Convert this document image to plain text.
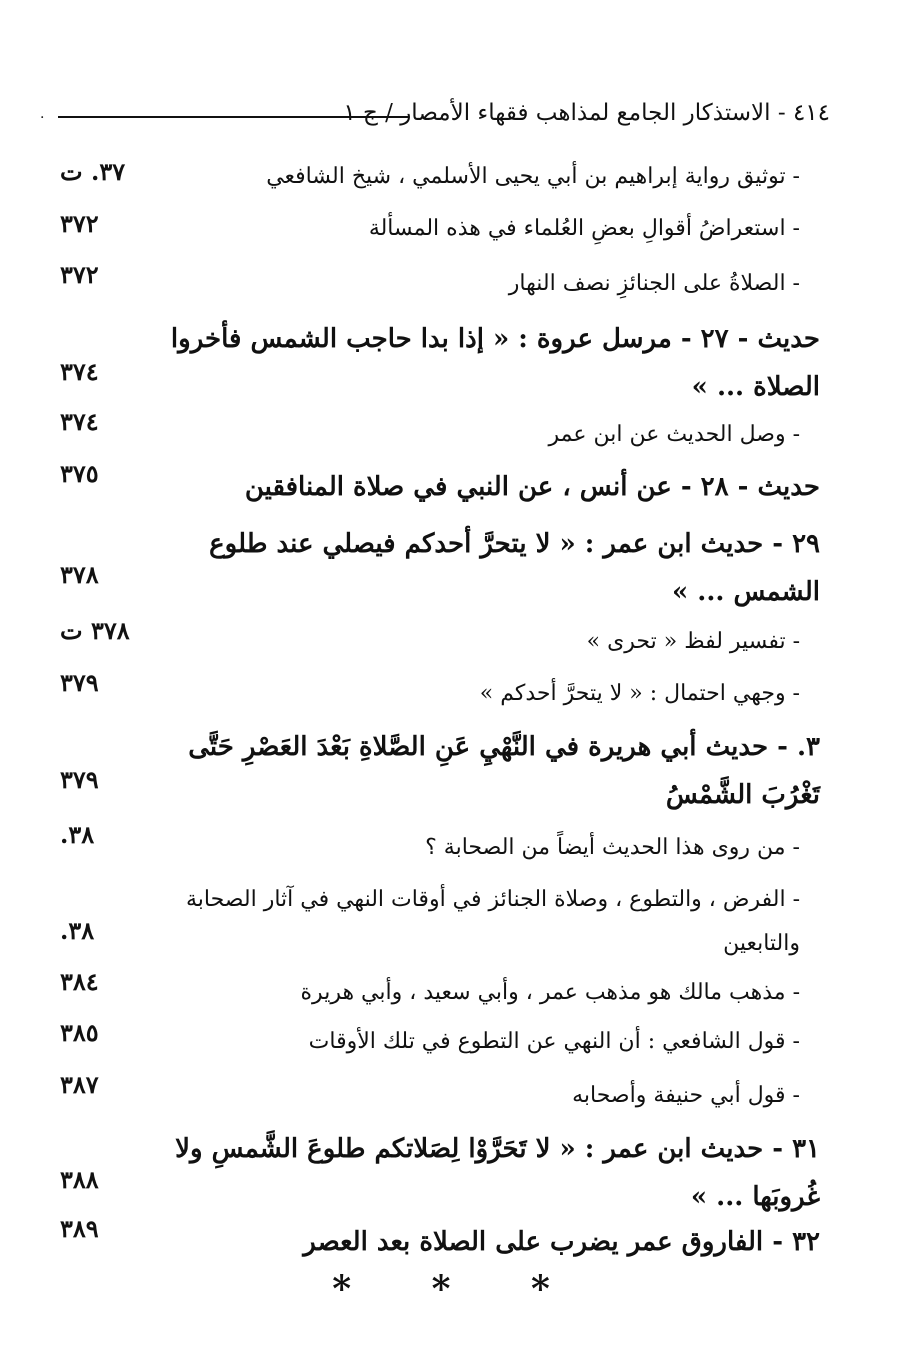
٤١٤ - الاستذكار الجامع لمذاهب فقهاء الأمصار / ج ١
·
- توثيق رواية إبراهيم بن أبي يحيى الأسلمي ، شيخ الشافعي
٣٧. ت
- استعراضُ أقوالِ بعضِ العُلماء في هذه المسألة
٣٧٢
- الصلاةُ على الجنائزِ نصف النهار
٣٧٢
حديث - ٢٧ - مرسل عروة : « إذا بدا حاجب الشمس فأخروا الصلاة ... »
٣٧٤
- وصل الحديث عن ابن عمر
٣٧٤
حديث - ٢٨ - عن أنس ، عن النبي في صلاة المنافقين
٣٧٥
٢٩ - حديث ابن عمر : « لا يتحرَّ أحدكم فيصلي عند طلوع الشمس ... »
٣٧٨
- تفسير لفظ « تحرى »
٣٧٨ ت
- وجهي احتمال : « لا يتحرَّ أحدكم »
٣٧٩
٣. - حديث أبي هريرة في النَّهْيِ عَنِ الصَّلاةِ بَعْدَ العَصْرِ حَتَّى تَغْرُبَ الشَّمْسُ
٣٧٩
- من روى هذا الحديث أيضاً من الصحابة ؟
٣٨.
- الفرض ، والتطوع ، وصلاة الجنائز في أوقات النهي في آثار الصحابة والتابعين
٣٨.
- مذهب مالك هو مذهب عمر ، وأبي سعيد ، وأبي هريرة
٣٨٤
- قول الشافعي : أن النهي عن التطوع في تلك الأوقات
٣٨٥
- قول أبي حنيفة وأصحابه
٣٨٧
٣١ - حديث ابن عمر : « لا تَحَرَّوْا لِصَلاتكم طلوعَ الشَّمسِ ولا غُروبَها ... »
٣٨٨
٣٢ - الفاروق عمر يضرب على الصلاة بعد العصر
٣٨٩
* * *
